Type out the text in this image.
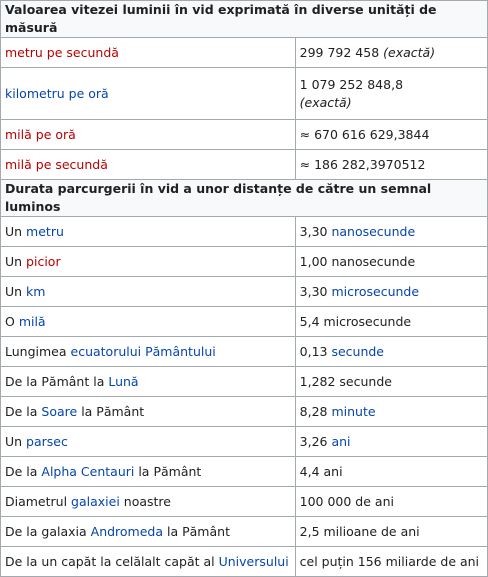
Valoarea vitezei luminii în vid exprimată în diverse unități de măsură	
metru pe secundă	299 792 458 (exactă)
kilometru pe oră	1 079 252 848,8
(exactă)
milă pe oră	≈ 670 616 629,3844
milă pe secundă	≈ 186 282,3970512
Durata parcurgerii în vid a unor distanțe de către un semnal luminos	
Un metru	3,30 nanosecunde
Un picior	1,00 nanosecunde
Un km	3,30 microsecunde
O milă	5,4 microsecunde
Lungimea ecuatorului Pământului	0,13 secunde
De la Pământ la Lună	1,282 secunde
De la Soare la Pământ	8,28 minute
Un parsec	3,26 ani
De la Alpha Centauri la Pământ	4,4 ani
Diametrul galaxiei noastre	100 000 de ani
De la galaxia Andromeda la Pământ	2,5 milioane de ani
De la un capăt la celălalt capăt al Universului	cel puțin 156 miliarde de ani
